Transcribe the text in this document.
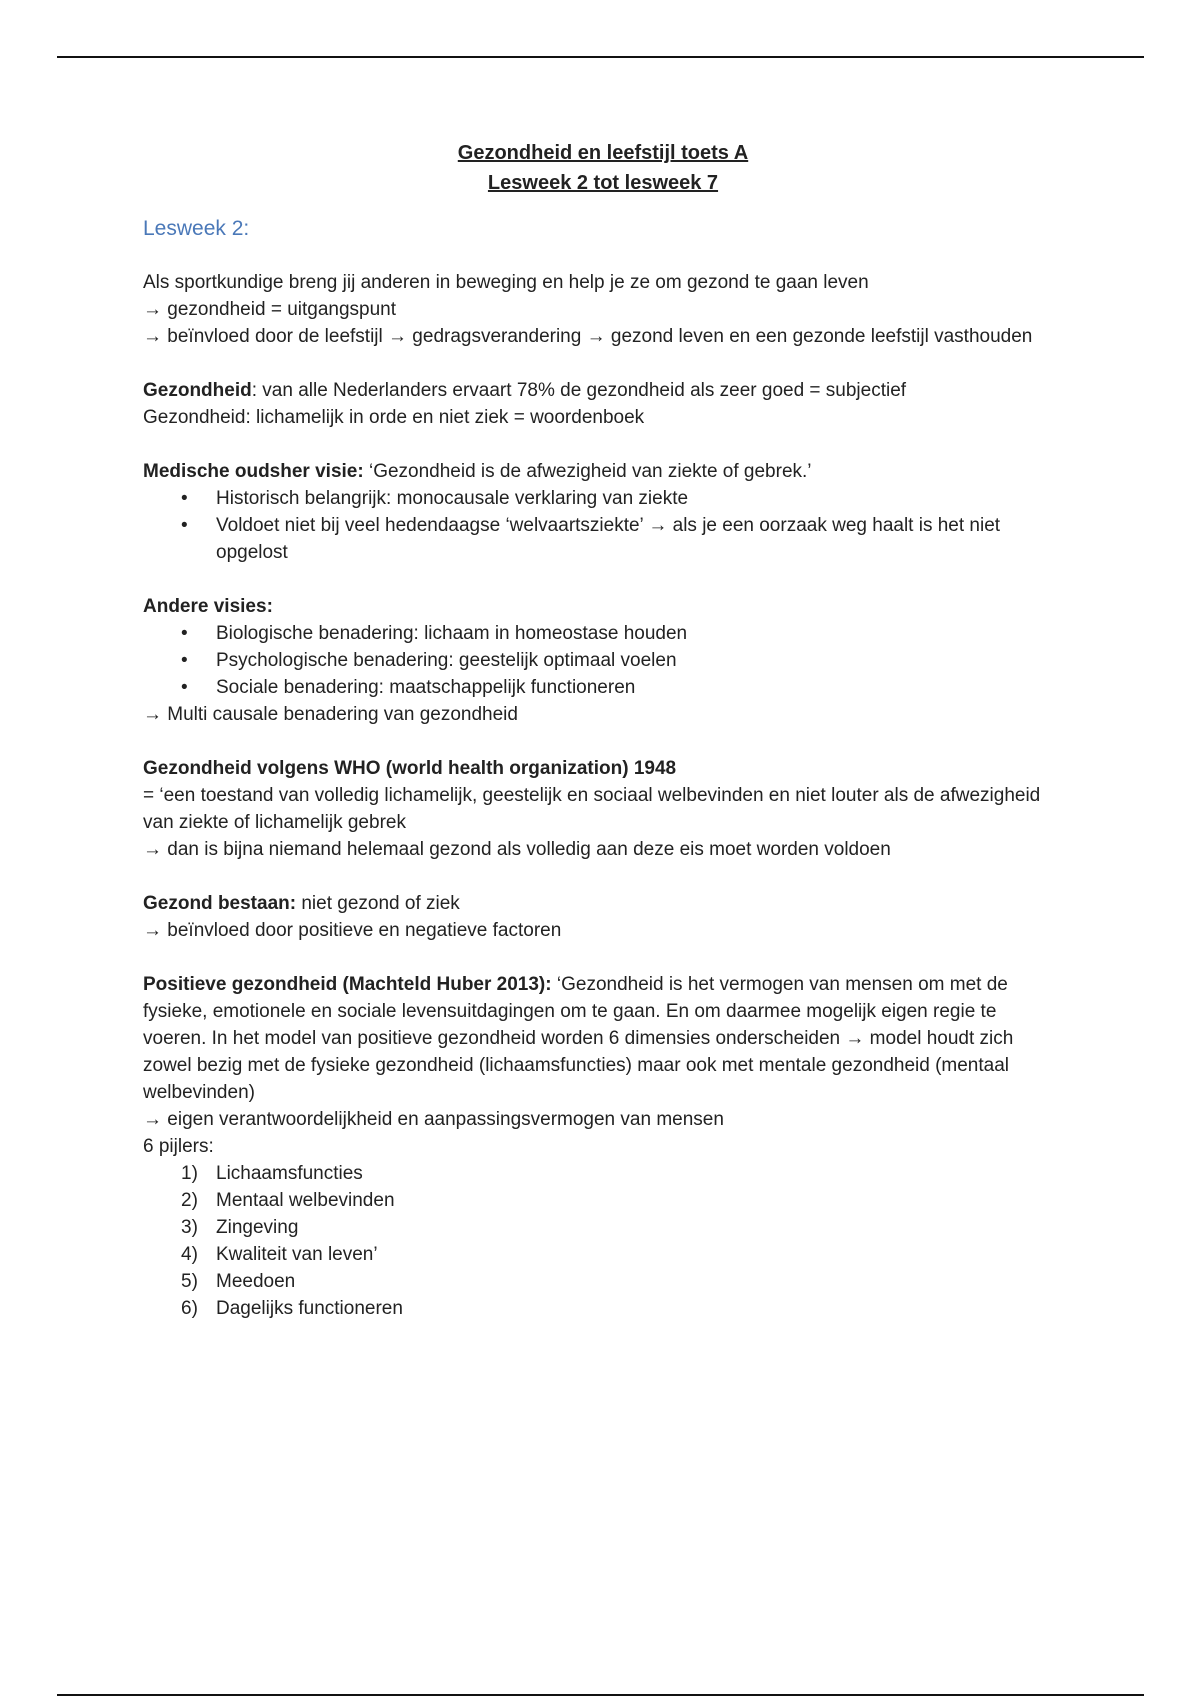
Gezondheid en leefstijl toets A
Lesweek 2 tot lesweek 7
Lesweek 2:
Als sportkundige breng jij anderen in beweging en help je ze om gezond te gaan leven
→ gezondheid = uitgangspunt
→ beïnvloed door de leefstijl → gedragsverandering → gezond leven en een gezonde leefstijl vasthouden
Gezondheid: van alle Nederlanders ervaart 78% de gezondheid als zeer goed = subjectief
Gezondheid: lichamelijk in orde en niet ziek = woordenboek
Medische oudsher visie: ‘Gezondheid is de afwezigheid van ziekte of gebrek.’
• Historisch belangrijk: monocausale verklaring van ziekte
• Voldoet niet bij veel hedendaagse ‘welvaartsziekte’ → als je een oorzaak weg haalt is het niet opgelost
Andere visies:
• Biologische benadering: lichaam in homeostase houden
• Psychologische benadering: geestelijk optimaal voelen
• Sociale benadering: maatschappelijk functioneren
→ Multi causale benadering van gezondheid
Gezondheid volgens WHO (world health organization) 1948
= ‘een toestand van volledig lichamelijk, geestelijk en sociaal welbevinden en niet louter als de afwezigheid van ziekte of lichamelijk gebrek
→ dan is bijna niemand helemaal gezond als volledig aan deze eis moet worden voldoen
Gezond bestaan: niet gezond of ziek
→ beïnvloed door positieve en negatieve factoren
Positieve gezondheid (Machteld Huber 2013): ‘Gezondheid is het vermogen van mensen om met de fysieke, emotionele en sociale levensuitdagingen om te gaan. En om daarmee mogelijk eigen regie te voeren. In het model van positieve gezondheid worden 6 dimensies onderscheiden → model houdt zich zowel bezig met de fysieke gezondheid (lichaamsfuncties) maar ook met mentale gezondheid (mentaal welbevinden)
→ eigen verantwoordelijkheid en aanpassingsvermogen van mensen
6 pijlers:
1) Lichaamsfuncties
2) Mentaal welbevinden
3) Zingeving
4) Kwaliteit van leven’
5) Meedoen
6) Dagelijks functioneren
